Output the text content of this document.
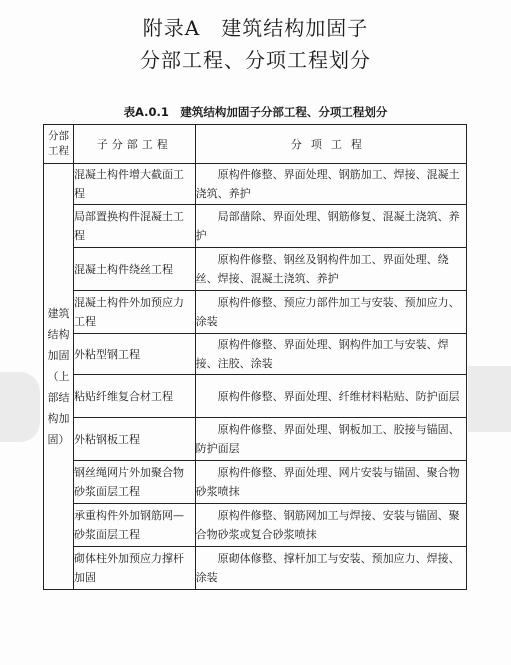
附录A　建筑结构加固子
分部工程、分项工程划分
表A.0.1　建筑结构加固子分部工程、分项工程划分
分部工程	子分部工程	分项工程
建筑结构加固（上部结构加固）	混凝土构件增大截面工程	原构件修整、界面处理、钢筋加工、焊接、混凝土浇筑、养护
	局部置换构件混凝土工程	局部凿除、界面处理、钢筋修复、混凝土浇筑、养护
	混凝土构件绕丝工程	原构件修整、钢丝及钢构件加工、界面处理、绕丝、焊接、混凝土浇筑、养护
	混凝土构件外加预应力工程	原构件修整、预应力部件加工与安装、预加应力、涂装
	外粘型钢工程	原构件修整、界面处理、钢构件加工与安装、焊接、注胶、涂装
	粘贴纤维复合材工程	原构件修整、界面处理、纤维材料粘贴、防护面层
	外粘钢板工程	原构件修整、界面处理、钢板加工、胶接与锚固、防护面层
	钢丝绳网片外加聚合物砂浆面层工程	原构件修整、界面处理、网片安装与锚固、聚合物砂浆喷抹
	承重构件外加钢筋网—砂浆面层工程	原构件修整、钢筋网加工与焊接、安装与锚固、聚合物砂浆或复合砂浆喷抹
	砌体柱外加预应力撑杆加固	原砌体修整、撑杆加工与安装、预加应力、焊接、涂装
